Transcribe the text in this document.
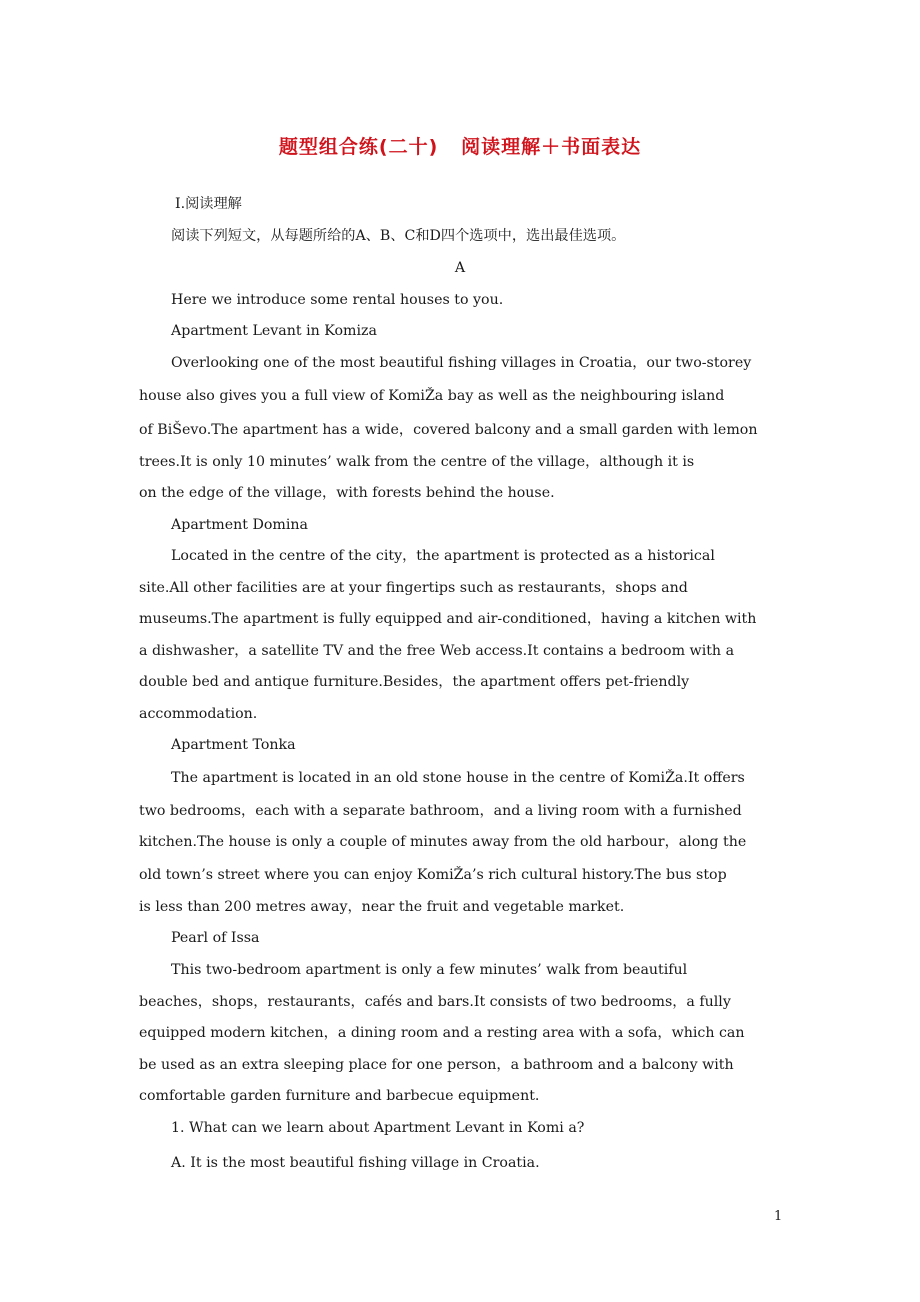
题型组合练(二十)   阅读理解＋书面表达
Ⅰ.阅读理解
阅读下列短文，从每题所给的A、B、C和D四个选项中，选出最佳选项。
A
Here we introduce some rental houses to you.
Apartment Levant in Komiza
Overlooking one of the most beautiful fishing villages in Croatia，our two-storey
house also gives you a full view of KomiŽa bay as well as the neighbouring island
of BiŠevo.The apartment has a wide，covered balcony and a small garden with lemon
trees.It is only 10 minutes’ walk from the centre of the village，although it is
on the edge of the village，with forests behind the house.
Apartment Domina
Located in the centre of the city，the apartment is protected as a historical
site.All other facilities are at your fingertips such as restaurants，shops and
museums.The apartment is fully equipped and air-conditioned，having a kitchen with
a dishwasher，a satellite TV and the free Web access.It contains a bedroom with a
double bed and antique furniture.Besides，the apartment offers pet-friendly
accommodation.
Apartment Tonka
The apartment is located in an old stone house in the centre of KomiŽa.It offers
two bedrooms，each with a separate bathroom，and a living room with a furnished
kitchen.The house is only a couple of minutes away from the old harbour，along the
old town’s street where you can enjoy KomiŽa’s rich cultural history.The bus stop
is less than 200 metres away，near the fruit and vegetable market.
Pearl of Issa
This two-bedroom apartment is only a few minutes’ walk from beautiful
beaches，shops，restaurants，cafés and bars.It consists of two bedrooms，a fully
equipped modern kitchen，a dining room and a resting area with a sofa，which can
be used as an extra sleeping place for one person，a bathroom and a balcony with
comfortable garden furniture and barbecue equipment.
1. What can we learn about Apartment Levant in Komi a?
A. It is the most beautiful fishing village in Croatia.
1
